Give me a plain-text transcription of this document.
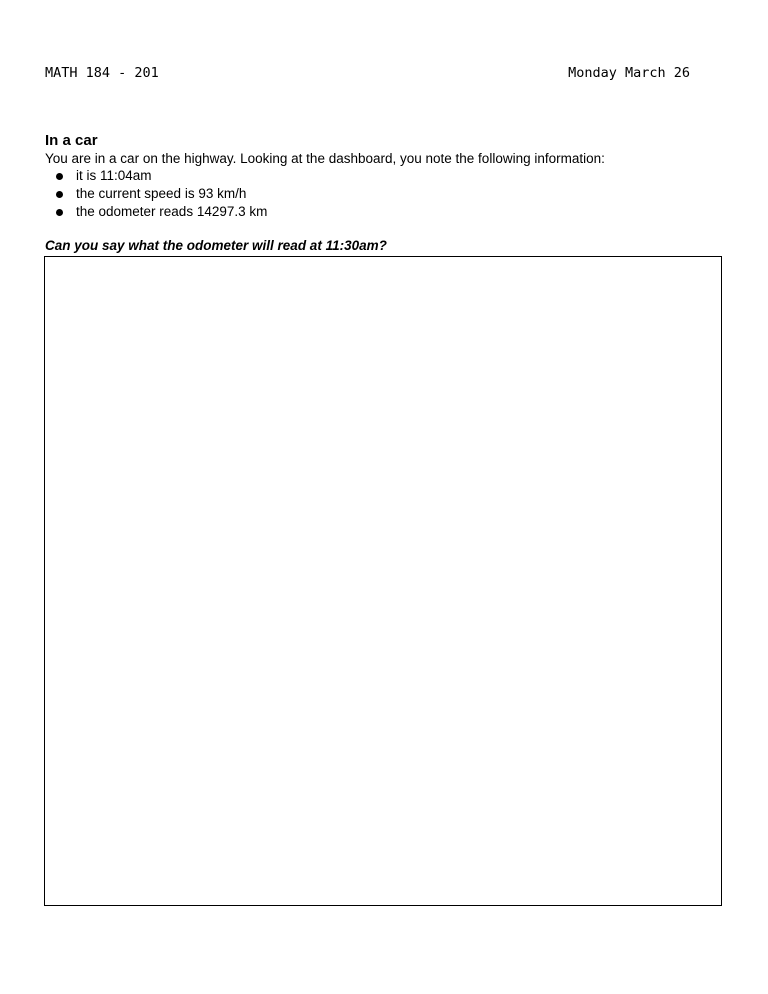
MATH 184 - 201	Monday March 26
In a car
You are in a car on the highway. Looking at the dashboard, you note the following information:
it is 11:04am
the current speed is 93 km/h
the odometer reads 14297.3 km
Can you say what the odometer will read at 11:30am?
